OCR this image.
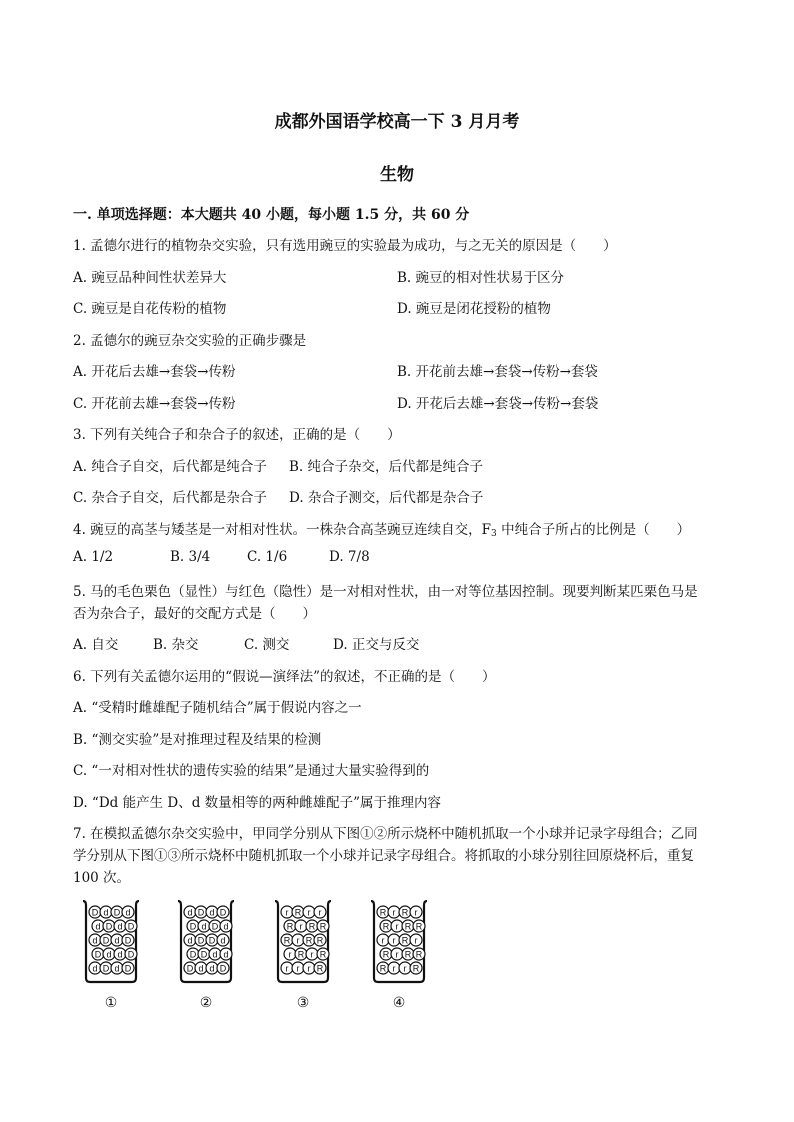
成都外国语学校高一下 3 月月考
生物
一. 单项选择题：本大题共 40 小题，每小题 1.5 分，共 60 分
1. 孟德尔进行的植物杂交实验，只有选用豌豆的实验最为成功，与之无关的原因是（　　）
A. 豌豆品种间性状差异大	B. 豌豆的相对性状易于区分
C. 豌豆是自花传粉的植物	D. 豌豆是闭花授粉的植物
2. 孟德尔的豌豆杂交实验的正确步骤是
A. 开花后去雄→套袋→传粉	B. 开花前去雄→套袋→传粉→套袋
C. 开花前去雄→套袋→传粉	D. 开花后去雄→套袋→传粉→套袋
3. 下列有关纯合子和杂合子的叙述，正确的是（　　）
A. 纯合子自交，后代都是纯合子 B. 纯合子杂交，后代都是纯合子
C. 杂合子自交，后代都是杂合子 D. 杂合子测交，后代都是杂合子
4. 豌豆的高茎与矮茎是一对相对性状。一株杂合高茎豌豆连续自交，$F_3$ 中纯合子所占的比例是（　　）
A. 1/2	B. 3/4	C. 1/6	D. 7/8
5. 马的毛色栗色（显性）与红色（隐性）是一对相对性状，由一对等位基因控制。现要判断某匹栗色马是
否为杂合子，最好的交配方式是（　　）
A. 自交	B. 杂交	C. 测交	D. 正交与反交
6. 下列有关孟德尔运用的“假说—演绎法”的叙述，不正确的是（　　）
A. “受精时雌雄配子随机结合”属于假说内容之一
B. “测交实验”是对推理过程及结果的检测
C. “一对相对性状的遗传实验的结果”是通过大量实验得到的
D. “Dd 能产生 D、d 数量相等的两种雌雄配子”属于推理内容
7. 在模拟孟德尔杂交实验中，甲同学分别从下图①②所示烧杯中随机抓取一个小球并记录字母组合；乙同
学分别从下图①③所示烧杯中随机抓取一个小球并记录字母组合。将抓取的小球分别往回原烧杯后，重复
100 次。
D d D d
d D d D
d D d D
D d d D
d D d D
①
d D d D
D d D d
d D D d
D D d d
D d d D
②
r R r r
R r R R
R r R R
r R r R
r r r R
③
R r R r
R r R R
r r R r
R r R R
R r r R
④
